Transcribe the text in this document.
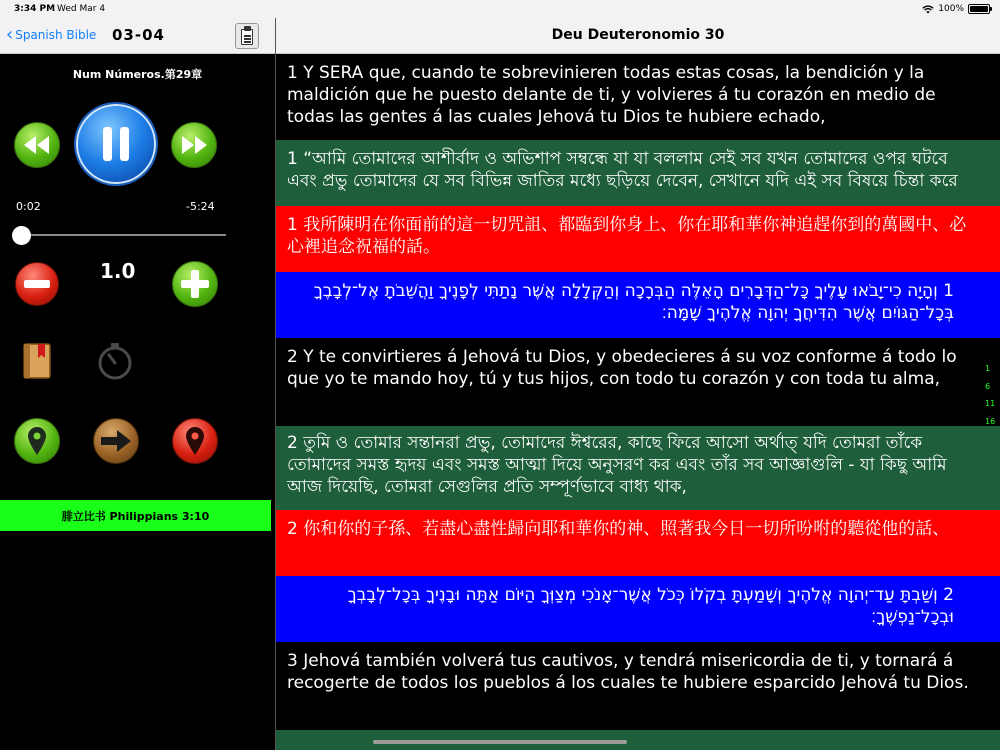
3:34 PM Wed Mar 4	100%
‹ Spanish Bible 03-04
Num Números.第29章
0:02	-5:24
1.0
腓立比书 Philippians 3:10
Deu Deuteronomio 30
1 Y SERA que, cuando te sobrevinieren todas estas cosas, la bendición y la maldición que he puesto delante de ti, y volvieres á tu corazón en medio de todas las gentes á las cuales Jehová tu Dios te hubiere echado,
1 “আমি তোমাদের আশীর্বাদ ও অভিশাপ সম্বন্ধে যা যা বললাম সেই সব যখন তোমাদের ওপর ঘটবে এবং প্রভু তোমাদের যে সব বিভিন্ন জাতির মধ্যে ছড়িয়ে দেবেন, সেখানে যদি এই সব বিষয়ে চিন্তা করে
1 我所陳明在你面前的這一切咒詛、都臨到你身上、你在耶和華你神追趕你到的萬國中、必心裡追念祝福的話。
1 וְהָיָה כִי־יָבֹאוּ עָלֶיךָ כָּל־הַדְּבָרִים הָאֵלֶּה הַבְּרָכָה וְהַקְּלָלָה אֲשֶׁר נָתַתִּי לְפָנֶיךָ וַהֲשֵׁבֹתָ אֶל־לְבָבֶךָ בְּכָל־הַגּוֹיִם אֲשֶׁר הִדִּיחֲךָ יְהוָה אֱלֹהֶיךָ שָׁמָּה׃
2 Y te convirtieres á Jehová tu Dios, y obedecieres á su voz conforme á todo lo que yo te mando hoy, tú y tus hijos, con todo tu corazón y con toda tu alma,
2 তুমি ও তোমার সন্তানরা প্রভু, তোমাদের ঈশ্বরের, কাছে ফিরে আসো অর্থাত্‌ যদি তোমরা তাঁকে তোমাদের সমস্ত হৃদয় এবং সমস্ত আত্মা দিয়ে অনুসরণ কর এবং তাঁর সব আজ্ঞাগুলি - যা কিছু আমি আজ দিয়েছি, তোমরা সেগুলির প্রতি সম্পূর্ণভাবে বাধ্য থাক,
2 你和你的子孫、若盡心盡性歸向耶和華你的神、照著我今日一切所吩咐的聽從他的話、
2 וְשַׁבְתָּ עַד־יְהוָה אֱלֹהֶיךָ וְשָׁמַעְתָּ בְקֹלוֹ כְּכֹל אֲשֶׁר־אָנֹכִי מְצַוְּךָ הַיּוֹם אַתָּה וּבָנֶיךָ בְּכָל־לְבָבְךָ וּבְכָל־נַפְשֶׁךָ׃
3 Jehová también volverá tus cautivos, y tendrá misericordia de ti, y tornará á recogerte de todos los pueblos á los cuales te hubiere esparcido Jehová tu Dios.
1
6
11
16
